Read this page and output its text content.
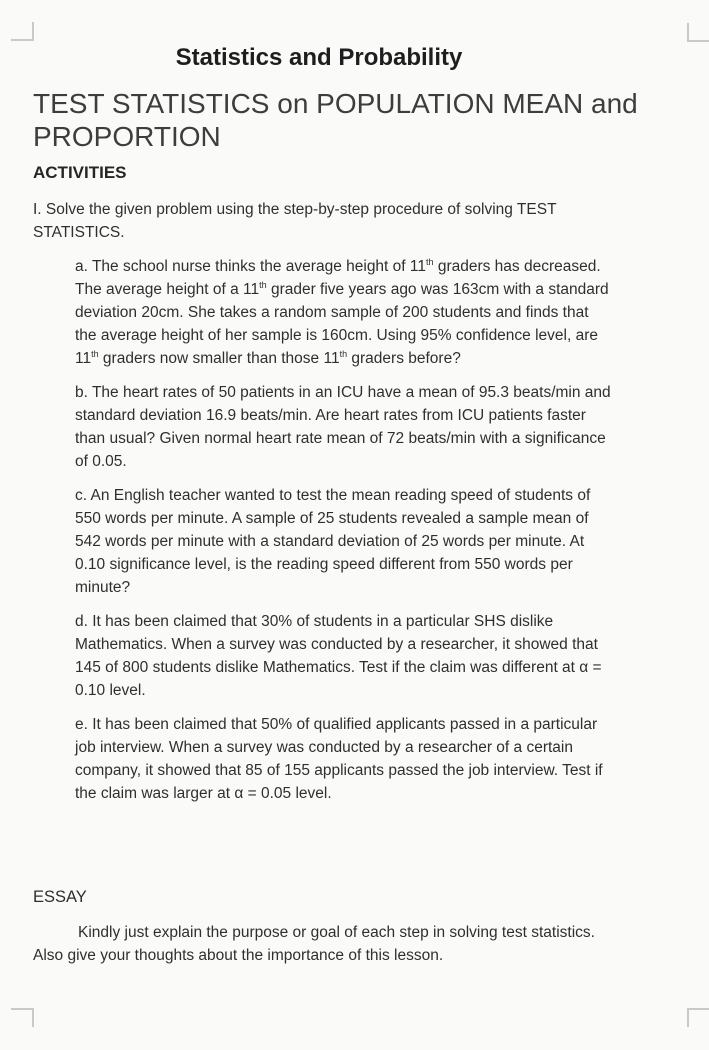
Statistics and Probability
TEST STATISTICS on POPULATION MEAN and
PROPORTION
ACTIVITIES

I. Solve the given problem using the step-by-step procedure of solving TEST
STATISTICS.

a. The school nurse thinks the average height of 11th graders has decreased.
The average height of a 11th grader five years ago was 163cm with a standard
deviation 20cm. She takes a random sample of 200 students and finds that
the average height of her sample is 160cm. Using 95% confidence level, are
11th graders now smaller than those 11th graders before?

b. The heart rates of 50 patients in an ICU have a mean of 95.3 beats/min and
standard deviation 16.9 beats/min. Are heart rates from ICU patients faster
than usual? Given normal heart rate mean of 72 beats/min with a significance
of 0.05.

c. An English teacher wanted to test the mean reading speed of students of
550 words per minute. A sample of 25 students revealed a sample mean of
542 words per minute with a standard deviation of 25 words per minute. At
0.10 significance level, is the reading speed different from 550 words per
minute?

d. It has been claimed that 30% of students in a particular SHS dislike
Mathematics. When a survey was conducted by a researcher, it showed that
145 of 800 students dislike Mathematics. Test if the claim was different at α =
0.10 level.

e. It has been claimed that 50% of qualified applicants passed in a particular
job interview. When a survey was conducted by a researcher of a certain
company, it showed that 85 of 155 applicants passed the job interview. Test if
the claim was larger at α = 0.05 level.

ESSAY

Kindly just explain the purpose or goal of each step in solving test statistics.
Also give your thoughts about the importance of this lesson.
